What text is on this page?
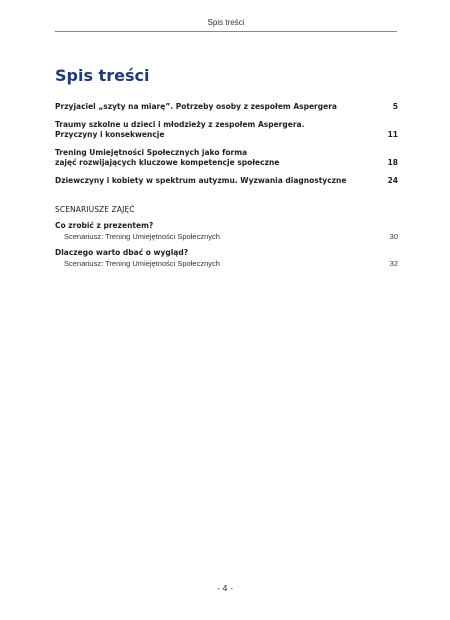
Spis treści
Spis treści
Przyjaciel „szyty na miarę”. Potrzeby osoby z zespołem Aspergera	5
Traumy szkolne u dzieci i młodzieży z zespołem Aspergera.
Przyczyny i konsekwencje	11
Trening Umiejętności Społecznych jako forma
zajęć rozwijających kluczowe kompetencje społeczne	18
Dziewczyny i kobiety w spektrum autyzmu. Wyzwania diagnostyczne	24
SCENARIUSZE ZAJĘĆ
Co zrobić z prezentem?
Scenariusz: Trening Umiejętności Społecznych	30
Dlaczego warto dbać o wygląd?
Scenariusz: Trening Umiejętności Społecznych	32
- 4 -
